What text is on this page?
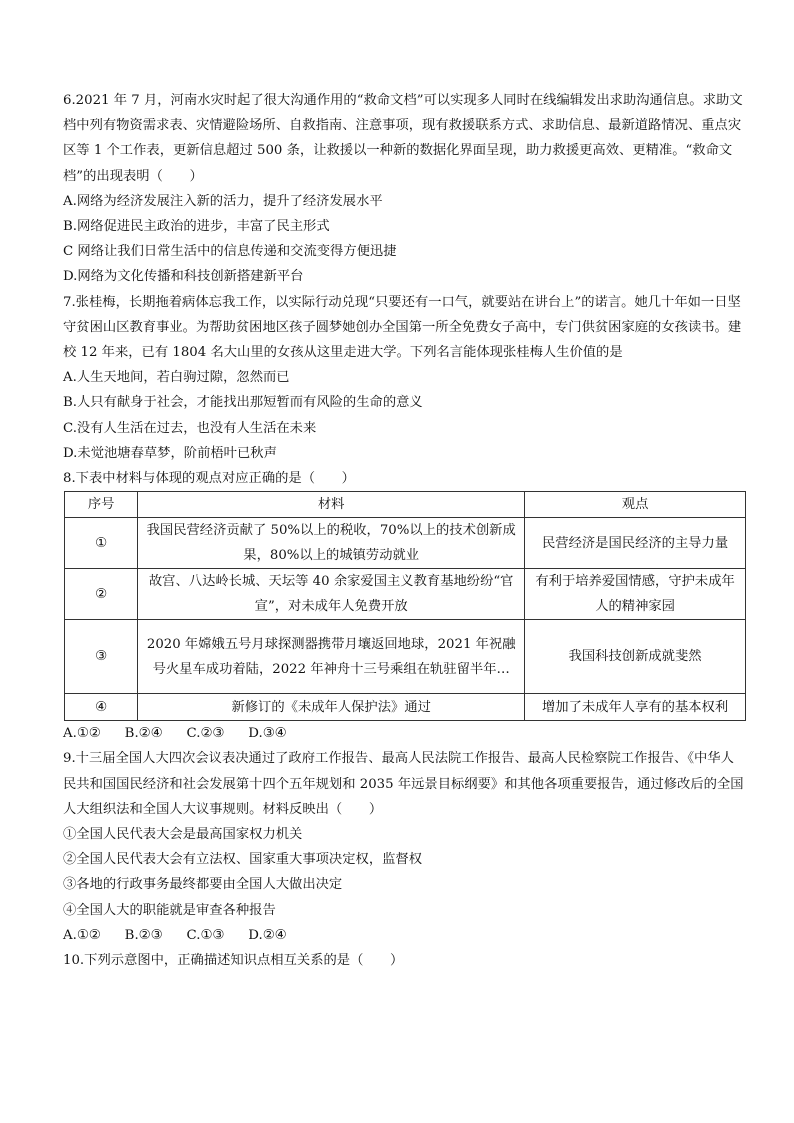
6.2021 年 7 月，河南水灾时起了很大沟通作用的“救命文档”可以实现多人同时在线编辑发出求助沟通信息。求助文档中列有物资需求表、灾情避险场所、自救指南、注意事项，现有救援联系方式、求助信息、最新道路情况、重点灾区等 1 个工作表，更新信息超过 500 条，让救援以一种新的数据化界面呈现，助力救援更高效、更精准。“救命文档”的出现表明（　　）

A.网络为经济发展注入新的活力，提升了经济发展水平

B.网络促进民主政治的进步，丰富了民主形式

C 网络让我们日常生活中的信息传递和交流变得方便迅捷

D.网络为文化传播和科技创新搭建新平台

7.张桂梅，长期拖着病体忘我工作，以实际行动兑现“只要还有一口气，就要站在讲台上”的诺言。她几十年如一日坚守贫困山区教育事业。为帮助贫困地区孩子圆梦她创办全国第一所全免费女子高中，专门供贫困家庭的女孩读书。建校 12 年来，已有 1804 名大山里的女孩从这里走进大学。下列名言能体现张桂梅人生价值的是

A.人生天地间，若白驹过隙，忽然而已

B.人只有献身于社会，才能找出那短暂而有风险的生命的意义

C.没有人生活在过去，也没有人生活在未来

D.未觉池塘春草梦，阶前梧叶已秋声

8.下表中材料与体现的观点对应正确的是（　　）

序号	材料	观点
①	我国民营经济贡献了 50%以上的税收，70%以上的技术创新成果，80%以上的城镇劳动就业	民营经济是国民经济的主导力量
②	故宫、八达岭长城、天坛等 40 余家爱国主义教育基地纷纷“官宣”，对未成年人免费开放	有利于培养爱国情感，守护未成年人的精神家园
③	2020 年嫦娥五号月球探测器携带月壤返回地球，2021 年祝融号火星车成功着陆，2022 年神舟十三号乘组在轨驻留半年…	我国科技创新成就斐然
④	新修订的《未成年人保护法》通过	增加了未成年人享有的基本权利

A.①② B.②④ C.②③ D.③④

9.十三届全国人大四次会议表决通过了政府工作报告、最高人民法院工作报告、最高人民检察院工作报告、《中华人民共和国国民经济和社会发展第十四个五年规划和 2035 年远景目标纲要》和其他各项重要报告，通过修改后的全国人大组织法和全国人大议事规则。材料反映出（　　）

①全国人民代表大会是最高国家权力机关

②全国人民代表大会有立法权、国家重大事项决定权，监督权

③各地的行政事务最终都要由全国人大做出决定

④全国人大的职能就是审查各种报告

A.①② B.②③ C.①③ D.②④

10.下列示意图中，正确描述知识点相互关系的是（　　）
